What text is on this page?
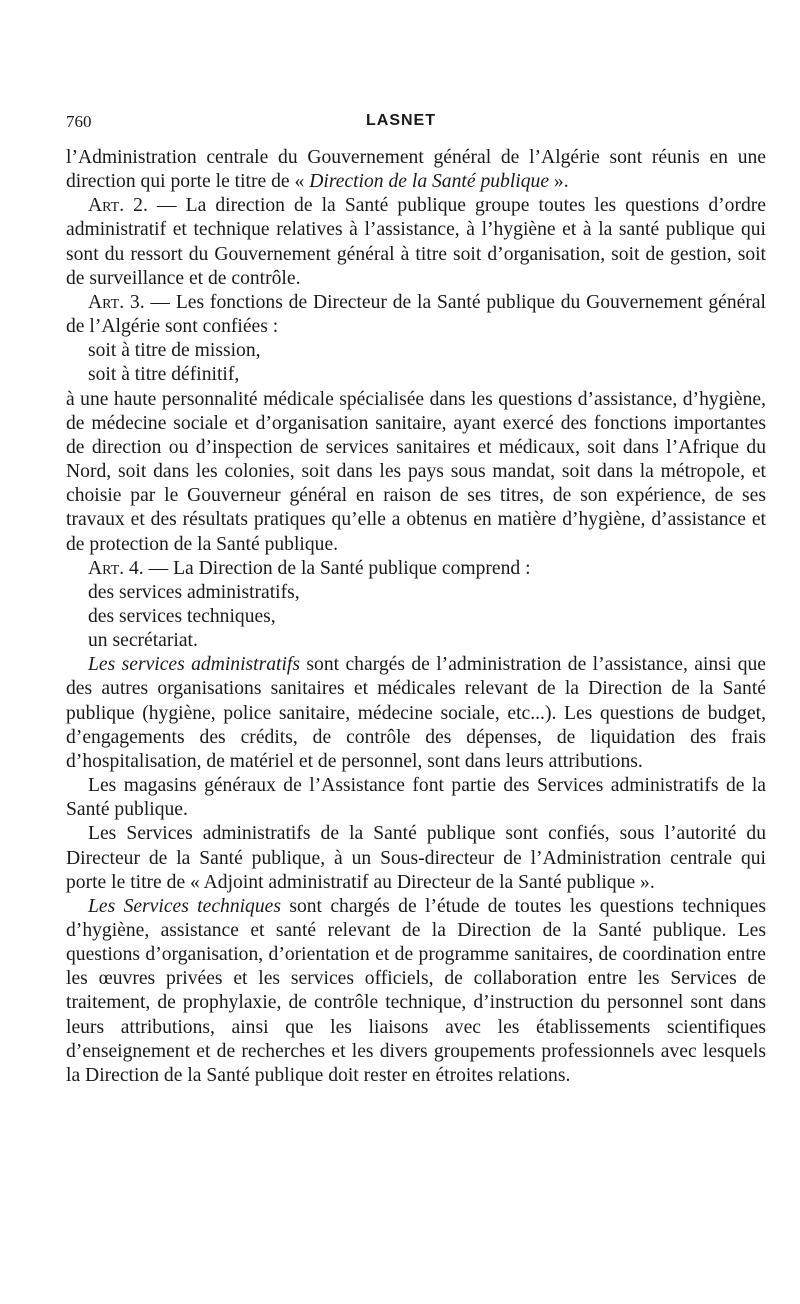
760	LASNET

l’Administration centrale du Gouvernement général de l’Algérie sont réunis en une direction qui porte le titre de « Direction de la Santé publique ».

Art. 2. — La direction de la Santé publique groupe toutes les questions d’ordre administratif et technique relatives à l’assistance, à l’hygiène et à la santé publique qui sont du ressort du Gouvernement général à titre soit d’organisation, soit de gestion, soit de surveillance et de contrôle.

Art. 3. — Les fonctions de Directeur de la Santé publique du Gouvernement général de l’Algérie sont confiées :

soit à titre de mission,

soit à titre définitif,

à une haute personnalité médicale spécialisée dans les questions d’assistance, d’hygiène, de médecine sociale et d’organisation sanitaire, ayant exercé des fonctions importantes de direction ou d’inspection de services sanitaires et médicaux, soit dans l’Afrique du Nord, soit dans les colonies, soit dans les pays sous mandat, soit dans la métropole, et choisie par le Gouverneur général en raison de ses titres, de son expérience, de ses travaux et des résultats pratiques qu’elle a obtenus en matière d’hygiène, d’assistance et de protection de la Santé publique.

Art. 4. — La Direction de la Santé publique comprend :

des services administratifs,

des services techniques,

un secrétariat.

Les services administratifs sont chargés de l’administration de l’assistance, ainsi que des autres organisations sanitaires et médicales relevant de la Direction de la Santé publique (hygiène, police sanitaire, médecine sociale, etc...). Les questions de budget, d’engagements des crédits, de contrôle des dépenses, de liquidation des frais d’hospitalisation, de matériel et de personnel, sont dans leurs attributions.

Les magasins généraux de l’Assistance font partie des Services administratifs de la Santé publique.

Les Services administratifs de la Santé publique sont confiés, sous l’autorité du Directeur de la Santé publique, à un Sous-directeur de l’Administration centrale qui porte le titre de « Adjoint administratif au Directeur de la Santé publique ».

Les Services techniques sont chargés de l’étude de toutes les questions techniques d’hygiène, assistance et santé relevant de la Direction de la Santé publique. Les questions d’organisation, d’orientation et de programme sanitaires, de coordination entre les œuvres privées et les services officiels, de collaboration entre les Services de traitement, de prophylaxie, de contrôle technique, d’instruction du personnel sont dans leurs attributions, ainsi que les liaisons avec les établissements scientifiques d’enseignement et de recherches et les divers groupements professionnels avec lesquels la Direction de la Santé publique doit rester en étroites relations.
